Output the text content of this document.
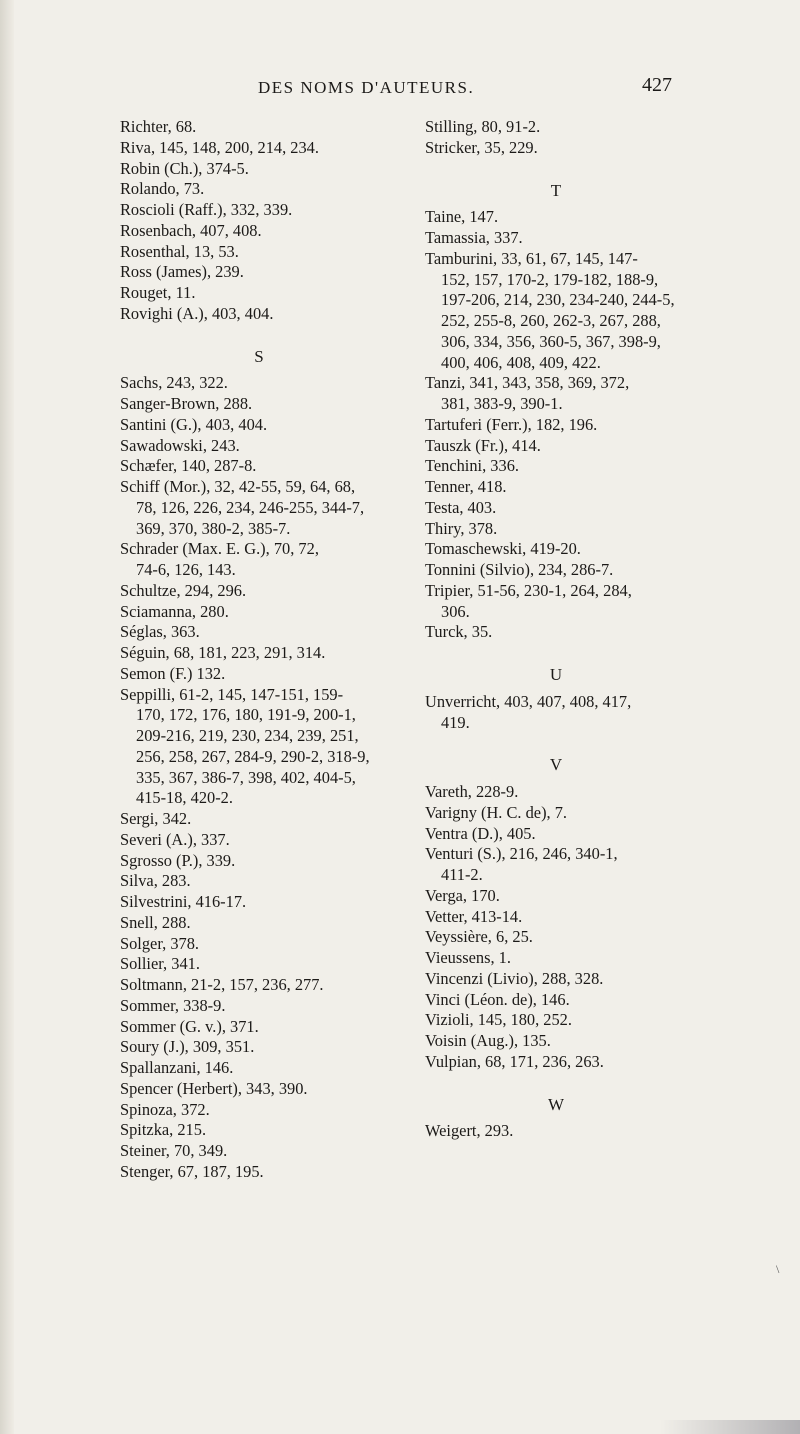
DES NOMS D'AUTEURS.	427

Richter, 68.

Riva, 145, 148, 200, 214, 234.

Robin (Ch.), 374-5.

Rolando, 73.

Roscioli (Raff.), 332, 339.

Rosenbach, 407, 408.

Rosenthal, 13, 53.

Ross (James), 239.

Rouget, 11.

Rovighi (A.), 403, 404.

S

Sachs, 243, 322.

Sanger-Brown, 288.

Santini (G.), 403, 404.

Sawadowski, 243.

Schæfer, 140, 287-8.

Schiff (Mor.), 32, 42-55, 59, 64, 68,
78, 126, 226, 234, 246-255, 344-7,
369, 370, 380-2, 385-7.

Schrader (Max. E. G.), 70, 72,
74-6, 126, 143.

Schultze, 294, 296.

Sciamanna, 280.

Séglas, 363.

Séguin, 68, 181, 223, 291, 314.

Semon (F.) 132.

Seppilli, 61-2, 145, 147-151, 159-
170, 172, 176, 180, 191-9, 200-1,
209-216, 219, 230, 234, 239, 251,
256, 258, 267, 284-9, 290-2, 318-9,
335, 367, 386-7, 398, 402, 404-5,
415-18, 420-2.

Sergi, 342.

Severi (A.), 337.

Sgrosso (P.), 339.

Silva, 283.

Silvestrini, 416-17.

Snell, 288.

Solger, 378.

Sollier, 341.

Soltmann, 21-2, 157, 236, 277.

Sommer, 338-9.

Sommer (G. v.), 371.

Soury (J.), 309, 351.

Spallanzani, 146.

Spencer (Herbert), 343, 390.

Spinoza, 372.

Spitzka, 215.

Steiner, 70, 349.

Stenger, 67, 187, 195.

Stilling, 80, 91-2.

Stricker, 35, 229.

T

Taine, 147.

Tamassia, 337.

Tamburini, 33, 61, 67, 145, 147-
152, 157, 170-2, 179-182, 188-9,
197-206, 214, 230, 234-240, 244-5,
252, 255-8, 260, 262-3, 267, 288,
306, 334, 356, 360-5, 367, 398-9,
400, 406, 408, 409, 422.

Tanzi, 341, 343, 358, 369, 372,
381, 383-9, 390-1.

Tartuferi (Ferr.), 182, 196.

Tauszk (Fr.), 414.

Tenchini, 336.

Tenner, 418.

Testa, 403.

Thiry, 378.

Tomaschewski, 419-20.

Tonnini (Silvio), 234, 286-7.

Tripier, 51-56, 230-1, 264, 284,
306.

Turck, 35.

U

Unverricht, 403, 407, 408, 417,
419.

V

Vareth, 228-9.

Varigny (H. C. de), 7.

Ventra (D.), 405.

Venturi (S.), 216, 246, 340-1,
411-2.

Verga, 170.

Vetter, 413-14.

Veyssière, 6, 25.

Vieussens, 1.

Vincenzi (Livio), 288, 328.

Vinci (Léon. de), 146.

Vizioli, 145, 180, 252.

Voisin (Aug.), 135.

Vulpian, 68, 171, 236, 263.

W

Weigert, 293.

\
